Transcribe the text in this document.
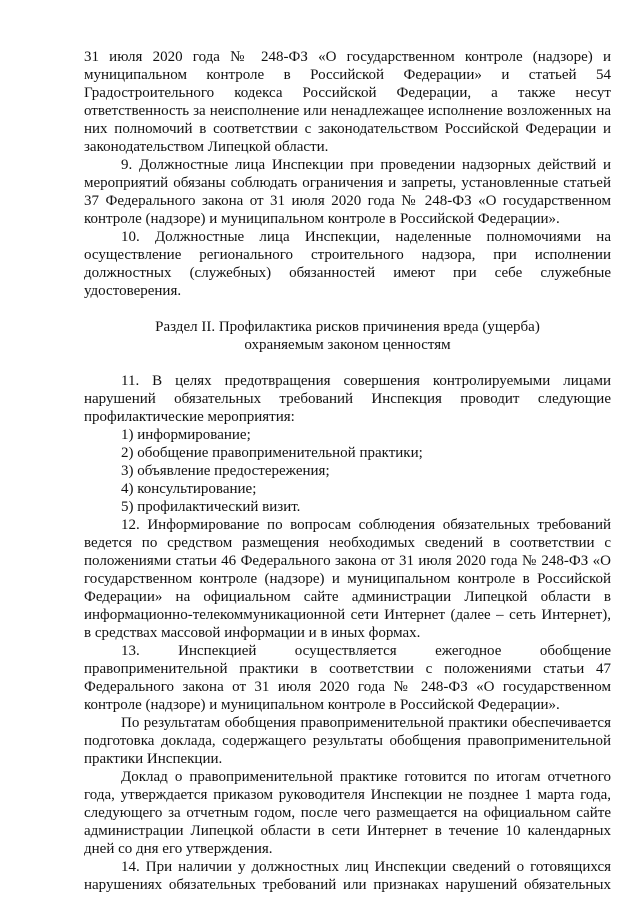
31 июля 2020 года № 248-ФЗ «О государственном контроле (надзоре) и муниципальном контроле в Российской Федерации» и статьей 54 Градостроительного кодекса Российской Федерации, а также несут ответственность за неисполнение или ненадлежащее исполнение возложенных на них полномочий в соответствии с законодательством Российской Федерации и законодательством Липецкой области.

9. Должностные лица Инспекции при проведении надзорных действий и мероприятий обязаны соблюдать ограничения и запреты, установленные статьей 37 Федерального закона от 31 июля 2020 года № 248-ФЗ «О государственном контроле (надзоре) и муниципальном контроле в Российской Федерации».

10. Должностные лица Инспекции, наделенные полномочиями на осуществление регионального строительного надзора, при исполнении должностных (служебных) обязанностей имеют при себе служебные удостоверения.

Раздел II. Профилактика рисков причинения вреда (ущерба)

охраняемым законом ценностям

11. В целях предотвращения совершения контролируемыми лицами нарушений обязательных требований Инспекция проводит следующие профилактические мероприятия:

1) информирование;

2) обобщение правоприменительной практики;

3) объявление предостережения;

4) консультирование;

5) профилактический визит.

12. Информирование по вопросам соблюдения обязательных требований ведется по средством размещения необходимых сведений в соответствии с положениями статьи 46 Федерального закона от 31 июля 2020 года № 248-ФЗ «О государственном контроле (надзоре) и муниципальном контроле в Российской Федерации» на официальном сайте администрации Липецкой области в информационно-телекоммуникационной сети Интернет (далее – сеть Интернет), в средствах массовой информации и в иных формах.

13. Инспекцией осуществляется ежегодное обобщение правоприменительной практики в соответствии с положениями статьи 47 Федерального закона от 31 июля 2020 года № 248-ФЗ «О государственном контроле (надзоре) и муниципальном контроле в Российской Федерации».

По результатам обобщения правоприменительной практики обеспечивается подготовка доклада, содержащего результаты обобщения правоприменительной практики Инспекции.

Доклад о правоприменительной практике готовится по итогам отчетного года, утверждается приказом руководителя Инспекции не позднее 1 марта года, следующего за отчетным годом, после чего размещается на официальном сайте администрации Липецкой области в сети Интернет в течение 10 календарных дней со дня его утверждения.

14. При наличии у должностных лиц Инспекции сведений о готовящихся нарушениях обязательных требований или признаках нарушений обязательных
